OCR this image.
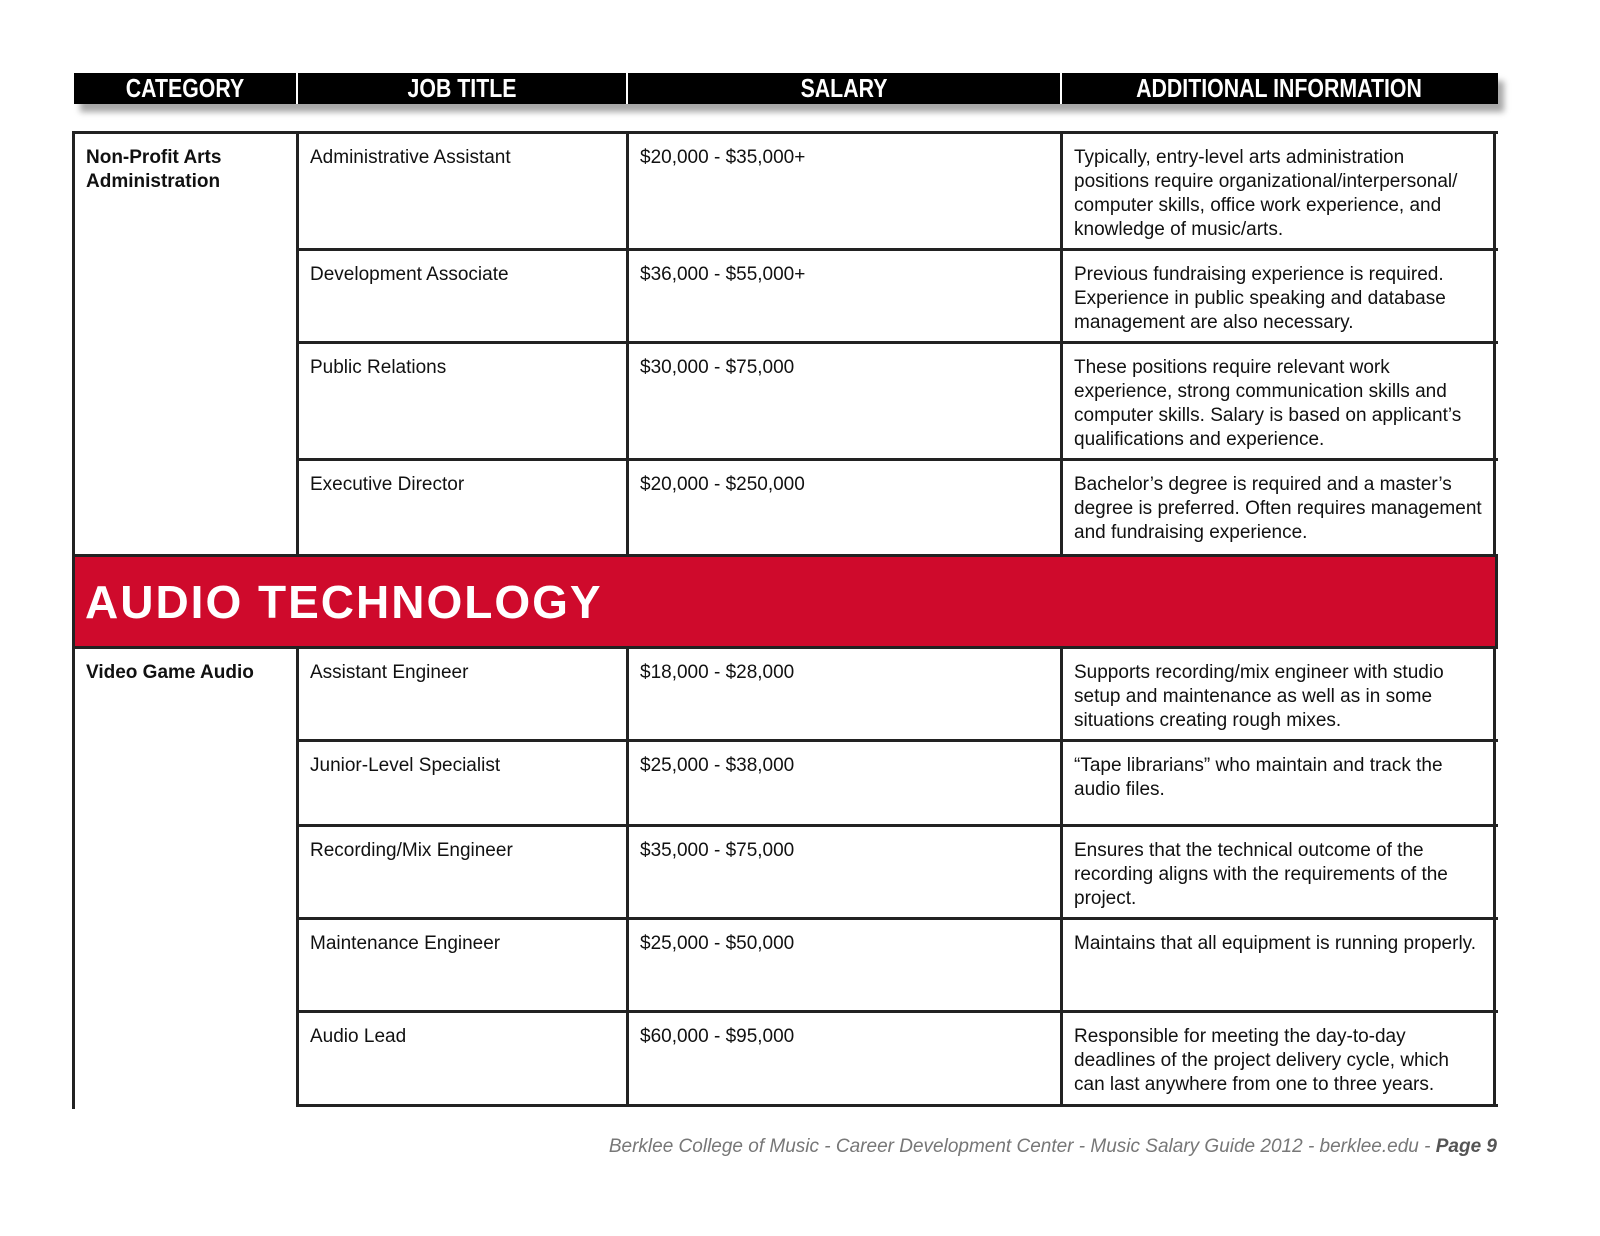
CATEGORY	JOB TITLE	SALARY	ADDITIONAL INFORMATION
Non-Profit Arts Administration
Administrative Assistant	$20,000 - $35,000+	Typically, entry-level arts administration positions require organizational/interpersonal/ computer skills, office work experience, and knowledge of music/arts.
Development Associate	$36,000 - $55,000+	Previous fundraising experience is required. Experience in public speaking and database management are also necessary.
Public Relations	$30,000 - $75,000	These positions require relevant work experience, strong communication skills and computer skills. Salary is based on applicant’s qualifications and experience.
Executive Director	$20,000 - $250,000	Bachelor’s degree is required and a master’s degree is preferred. Often requires management and fundraising experience.
AUDIO TECHNOLOGY
Video Game Audio	Assistant Engineer	$18,000 - $28,000	Supports recording/mix engineer with studio setup and maintenance as well as in some situations creating rough mixes.
Junior-Level Specialist	$25,000 - $38,000	“Tape librarians” who maintain and track the audio files.
Recording/Mix Engineer	$35,000 - $75,000	Ensures that the technical outcome of the recording aligns with the requirements of the project.
Maintenance Engineer	$25,000 - $50,000	Maintains that all equipment is running properly.
Audio Lead	$60,000 - $95,000	Responsible for meeting the day-to-day deadlines of the project delivery cycle, which can last anywhere from one to three years.
Berklee College of Music - Career Development Center - Music Salary Guide 2012 - berklee.edu - Page 9
